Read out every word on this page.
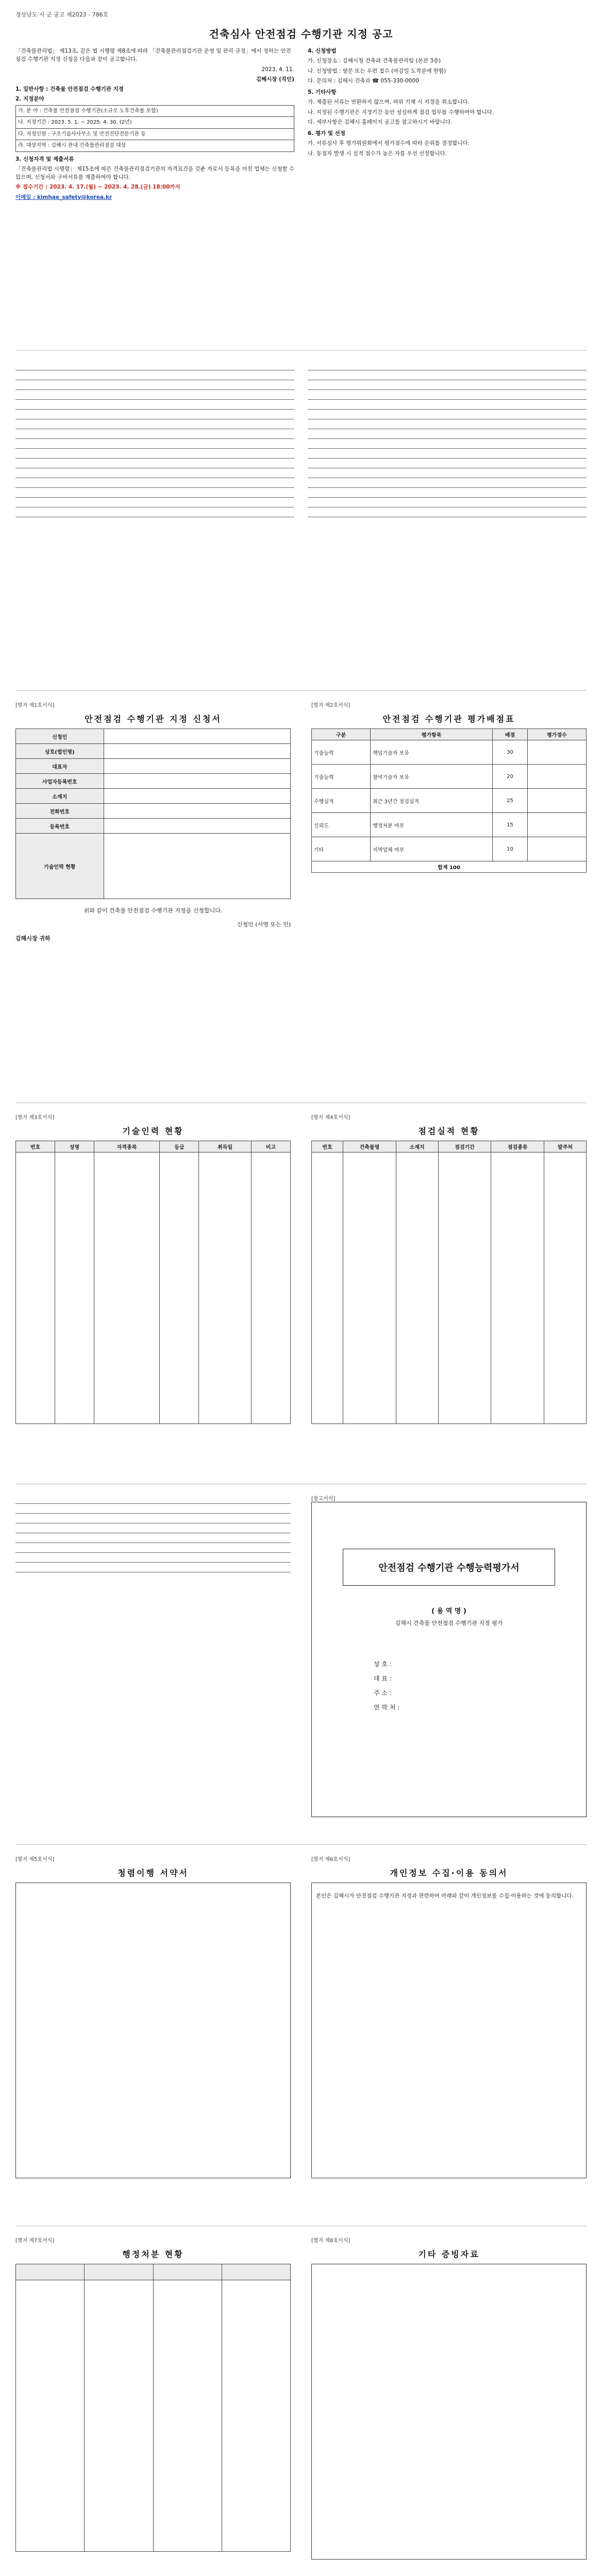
경상남도 시·군 공고 제2023 - 786호
건축심사 안전점검 수행기관 지정 공고

「건축물관리법」 제13조, 같은 법 시행령 제8조에 따라 「건축물관리점검기관 운영 및 관리 규정」에서 정하는 안전점검 수행기관 지정 신청을 다음과 같이 공고합니다.

2023. 4. 11.

김해시장 (직인)

1. 일반사항 : 건축물 안전점검 수행기관 지정

2. 지정분야

가. 분 야 : 건축물 안전점검 수행기관(소규모 노후건축물 포함)
나. 지정기간 : 2023. 5. 1. ~ 2025. 4. 30. (2년)
다. 지정인원 : 구조기술사사무소 및 안전진단전문기관 등
라. 대상지역 : 김해시 관내 건축물관리점검 대상

3. 신청자격 및 제출서류

「건축물관리법 시행령」 제15조에 따른 건축물관리점검기관의 자격요건을 갖춘 자로서 등록을 마친 업체는 신청할 수 있으며, 신청서와 구비서류를 제출하여야 합니다.

※ 접수기간 : 2023. 4. 17.(월) ~ 2023. 4. 28.(금) 18:00까지

이메일 : kimhae_safety@korea.kr

4. 신청방법

가. 신청장소 : 김해시청 건축과 건축물관리팀 (본관 3층)

나. 신청방법 : 방문 또는 우편 접수 (마감일 도착분에 한함)

다. 문의처 : 김해시 건축과 ☎ 055-330-0000

5. 기타사항

가. 제출된 서류는 반환하지 않으며, 허위 기재 시 지정을 취소합니다.

나. 지정된 수행기관은 지정기간 동안 성실하게 점검 업무를 수행하여야 합니다.

다. 세부사항은 김해시 홈페이지 공고를 참고하시기 바랍니다.

6. 평가 및 선정

가. 서류심사 후 평가위원회에서 평가점수에 따라 순위를 결정합니다.

나. 동점자 발생 시 실적 점수가 높은 자를 우선 선정합니다.

[별지 제1호서식]
안전점검 수행기관 지정 신청서
신청인	
상호(법인명)	
대표자	
사업자등록번호	
소재지	
전화번호	
등록번호	
기술인력 현황	

위와 같이 건축물 안전점검 수행기관 지정을 신청합니다.

신청인 (서명 또는 인)

김해시장 귀하

[별지 제2호서식]
안전점검 수행기관 평가배점표
구분	평가항목	배점	평가점수
기술능력	책임기술자 보유	30	
기술능력	참여기술자 보유	20	
수행실적	최근 3년간 점검실적	25	
신뢰도	행정처분 여부	15	
기타	지역업체 여부	10	
합계 100			
[별지 제3호서식]
기술인력 현황
번호	성명	자격종목	등급	취득일	비고

[별지 제4호서식]
점검실적 현황
번호	건축물명	소재지	점검기간	점검종류	발주처

[참고서식]
안전점검 수행기관 수행능력평가서
( 용 역 명 )
김해시 건축물 안전점검 수행기관 지정 평가
상 호 :
대 표 :
주 소 :
연 락 처 :
[별지 제5호서식]
청렴이행 서약서
[별지 제6호서식]
개인정보 수집·이용 동의서

본인은 김해시가 안전점검 수행기관 지정과 관련하여 아래와 같이 개인정보를 수집·이용하는 것에 동의합니다.

[별지 제7호서식]
행정처분 현황

[별지 제8호서식]
기타 증빙자료
